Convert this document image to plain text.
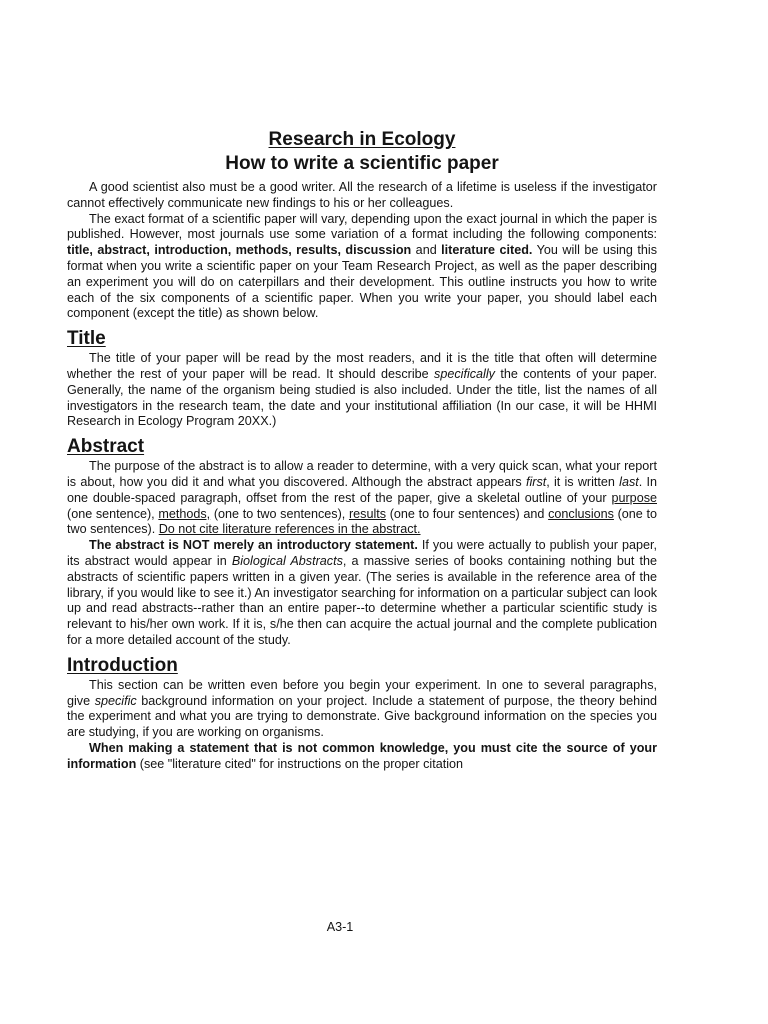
Research in Ecology
How to write a scientific paper

A good scientist also must be a good writer. All the research of a lifetime is useless if the investigator cannot effectively communicate new findings to his or her colleagues.

The exact format of a scientific paper will vary, depending upon the exact journal in which the paper is published. However, most journals use some variation of a format including the following components: title, abstract, introduction, methods, results, discussion and literature cited. You will be using this format when you write a scientific paper on your Team Research Project, as well as the paper describing an experiment you will do on caterpillars and their development. This outline instructs you how to write each of the six components of a scientific paper. When you write your paper, you should label each component (except the title) as shown below.

Title

The title of your paper will be read by the most readers, and it is the title that often will determine whether the rest of your paper will be read. It should describe specifically the contents of your paper. Generally, the name of the organism being studied is also included. Under the title, list the names of all investigators in the research team, the date and your institutional affiliation (In our case, it will be HHMI Research in Ecology Program 20XX.)

Abstract

The purpose of the abstract is to allow a reader to determine, with a very quick scan, what your report is about, how you did it and what you discovered. Although the abstract appears first, it is written last. In one double-spaced paragraph, offset from the rest of the paper, give a skeletal outline of your purpose (one sentence), methods, (one to two sentences), results (one to four sentences) and conclusions (one to two sentences). Do not cite literature references in the abstract.

The abstract is NOT merely an introductory statement. If you were actually to publish your paper, its abstract would appear in Biological Abstracts, a massive series of books containing nothing but the abstracts of scientific papers written in a given year. (The series is available in the reference area of the library, if you would like to see it.) An investigator searching for information on a particular subject can look up and read abstracts--rather than an entire paper--to determine whether a particular scientific study is relevant to his/her own work. If it is, s/he then can acquire the actual journal and the complete publication for a more detailed account of the study.

Introduction

This section can be written even before you begin your experiment. In one to several paragraphs, give specific background information on your project. Include a statement of purpose, the theory behind the experiment and what you are trying to demonstrate. Give background information on the species you are studying, if you are working on organisms.

When making a statement that is not common knowledge, you must cite the source of your information (see "literature cited" for instructions on the proper citation

A3-1
